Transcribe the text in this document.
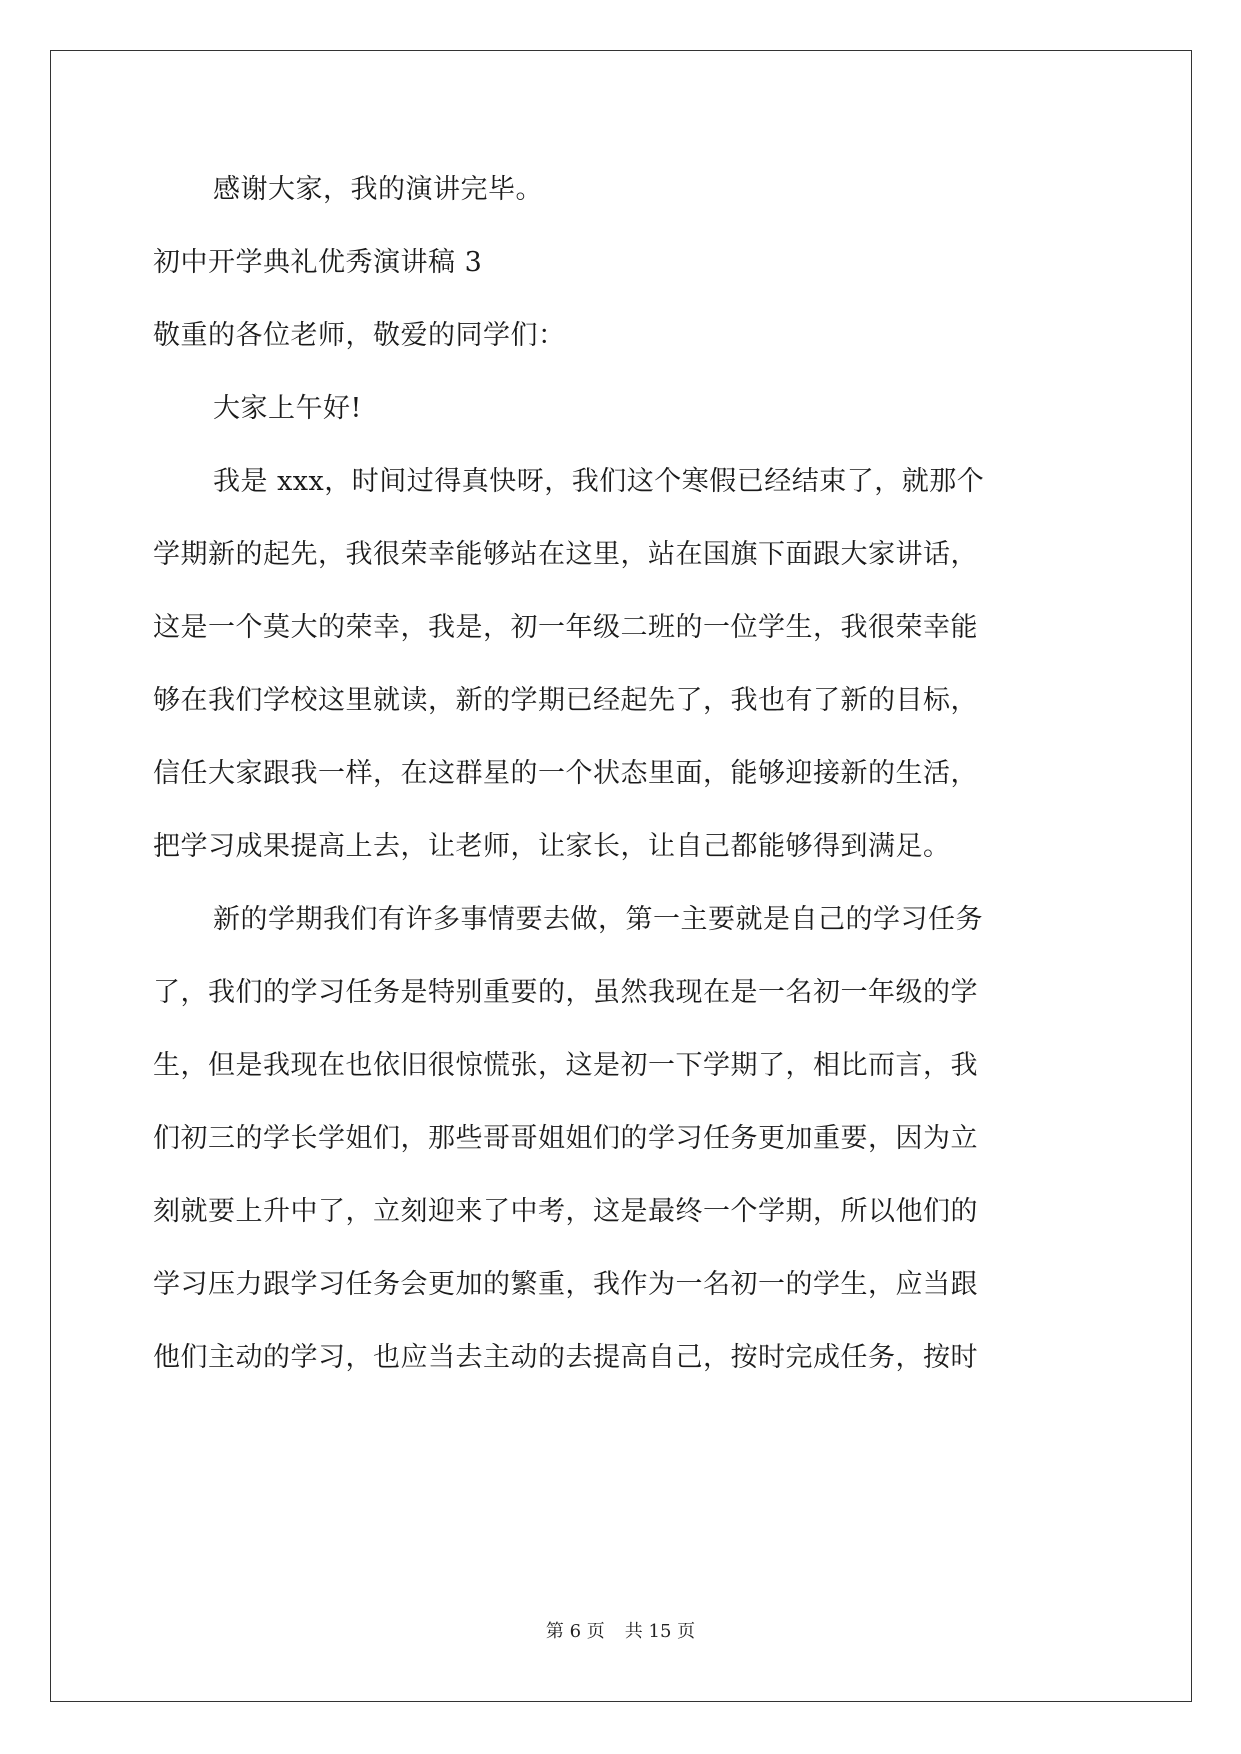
感谢大家，我的演讲完毕。
初中开学典礼优秀演讲稿 3
敬重的各位老师，敬爱的同学们：
大家上午好!
我是 xxx，时间过得真快呀，我们这个寒假已经结束了，就那个
学期新的起先，我很荣幸能够站在这里，站在国旗下面跟大家讲话，
这是一个莫大的荣幸，我是，初一年级二班的一位学生，我很荣幸能
够在我们学校这里就读，新的学期已经起先了，我也有了新的目标，
信任大家跟我一样，在这群星的一个状态里面，能够迎接新的生活，
把学习成果提高上去，让老师，让家长，让自己都能够得到满足。
新的学期我们有许多事情要去做，第一主要就是自己的学习任务
了，我们的学习任务是特别重要的，虽然我现在是一名初一年级的学
生，但是我现在也依旧很惊慌张，这是初一下学期了，相比而言，我
们初三的学长学姐们，那些哥哥姐姐们的学习任务更加重要，因为立
刻就要上升中了，立刻迎来了中考，这是最终一个学期，所以他们的
学习压力跟学习任务会更加的繁重，我作为一名初一的学生，应当跟
他们主动的学习，也应当去主动的去提高自己，按时完成任务，按时
第 6 页 共 15 页
